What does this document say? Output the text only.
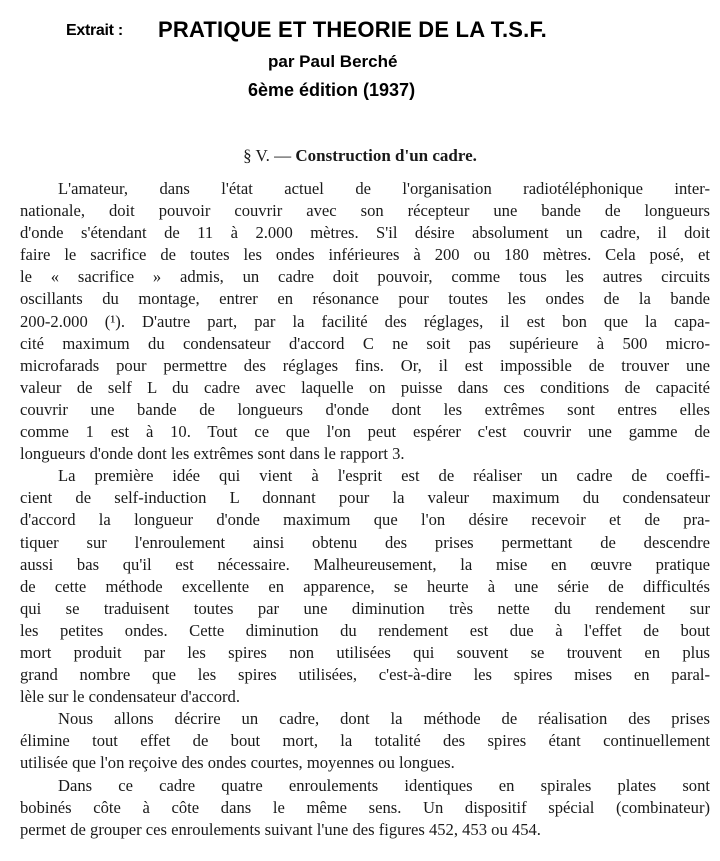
Extrait : PRATIQUE ET THEORIE DE LA T.S.F.
par Paul Berché
6ème édition (1937)
§ V. — Construction d'un cadre.
L'amateur, dans l'état actuel de l'organisation radiotéléphonique inter-
nationale, doit pouvoir couvrir avec son récepteur une bande de longueurs
d'onde s'étendant de 11 à 2.000 mètres. S'il désire absolument un cadre, il doit
faire le sacrifice de toutes les ondes inférieures à 200 ou 180 mètres. Cela posé, et
le « sacrifice » admis, un cadre doit pouvoir, comme tous les autres circuits
oscillants du montage, entrer en résonance pour toutes les ondes de la bande
200-2.000 (¹). D'autre part, par la facilité des réglages, il est bon que la capa-
cité maximum du condensateur d'accord C ne soit pas supérieure à 500 micro-
microfarads pour permettre des réglages fins. Or, il est impossible de trouver une
valeur de self L du cadre avec laquelle on puisse dans ces conditions de capacité
couvrir une bande de longueurs d'onde dont les extrêmes sont entres elles
comme 1 est à 10. Tout ce que l'on peut espérer c'est couvrir une gamme de
longueurs d'onde dont les extrêmes sont dans le rapport 3.
La première idée qui vient à l'esprit est de réaliser un cadre de coeffi-
cient de self-induction L donnant pour la valeur maximum du condensateur
d'accord la longueur d'onde maximum que l'on désire recevoir et de pra-
tiquer sur l'enroulement ainsi obtenu des prises permettant de descendre
aussi bas qu'il est nécessaire. Malheureusement, la mise en œuvre pratique
de cette méthode excellente en apparence, se heurte à une série de difficultés
qui se traduisent toutes par une diminution très nette du rendement sur
les petites ondes. Cette diminution du rendement est due à l'effet de bout
mort produit par les spires non utilisées qui souvent se trouvent en plus
grand nombre que les spires utilisées, c'est-à-dire les spires mises en paral-
lèle sur le condensateur d'accord.
Nous allons décrire un cadre, dont la méthode de réalisation des prises
élimine tout effet de bout mort, la totalité des spires étant continuellement
utilisée que l'on reçoive des ondes courtes, moyennes ou longues.
Dans ce cadre quatre enroulements identiques en spirales plates sont
bobinés côte à côte dans le même sens. Un dispositif spécial (combinateur)
permet de grouper ces enroulements suivant l'une des figures 452, 453 ou 454.
